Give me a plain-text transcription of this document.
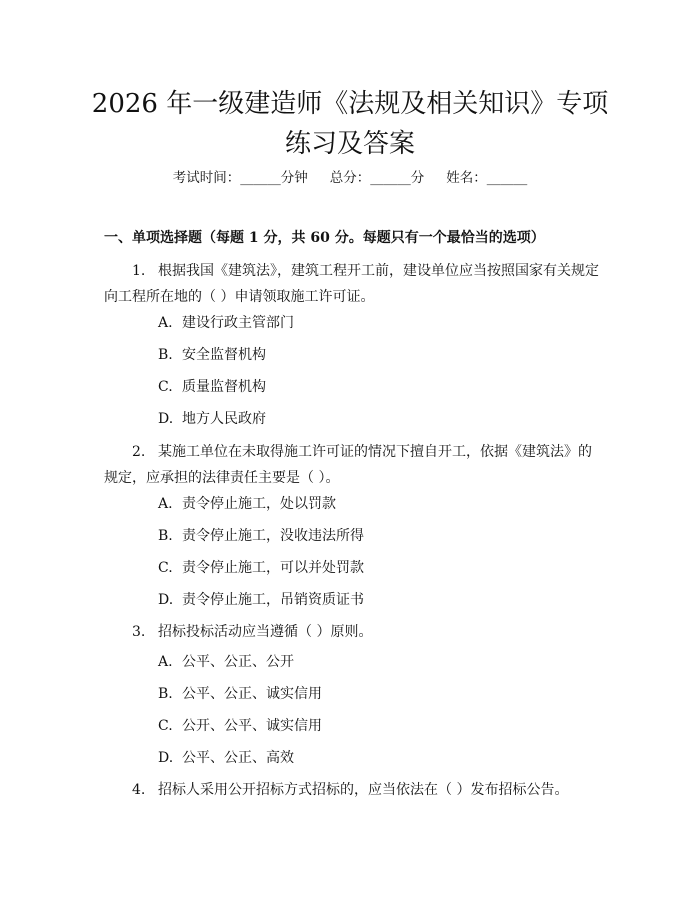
2026 年一级建造师《法规及相关知识》专项
练习及答案
考试时间：______分钟 总分：______分 姓名：______
一、单项选择题（每题 1 分，共 60 分。每题只有一个最恰当的选项）

1. 根据我国《建筑法》，建筑工程开工前，建设单位应当按照国家有关规定向工程所在地的（ ）申请领取施工许可证。

A. 建设行政主管部门
B. 安全监督机构
C. 质量监督机构
D. 地方人民政府

2. 某施工单位在未取得施工许可证的情况下擅自开工，依据《建筑法》的规定，应承担的法律责任主要是（ ）。

A. 责令停止施工，处以罚款
B. 责令停止施工，没收违法所得
C. 责令停止施工，可以并处罚款
D. 责令停止施工，吊销资质证书

3. 招标投标活动应当遵循（ ）原则。

A. 公平、公正、公开
B. 公平、公正、诚实信用
C. 公开、公平、诚实信用
D. 公平、公正、高效

4. 招标人采用公开招标方式招标的，应当依法在（ ）发布招标公告。
